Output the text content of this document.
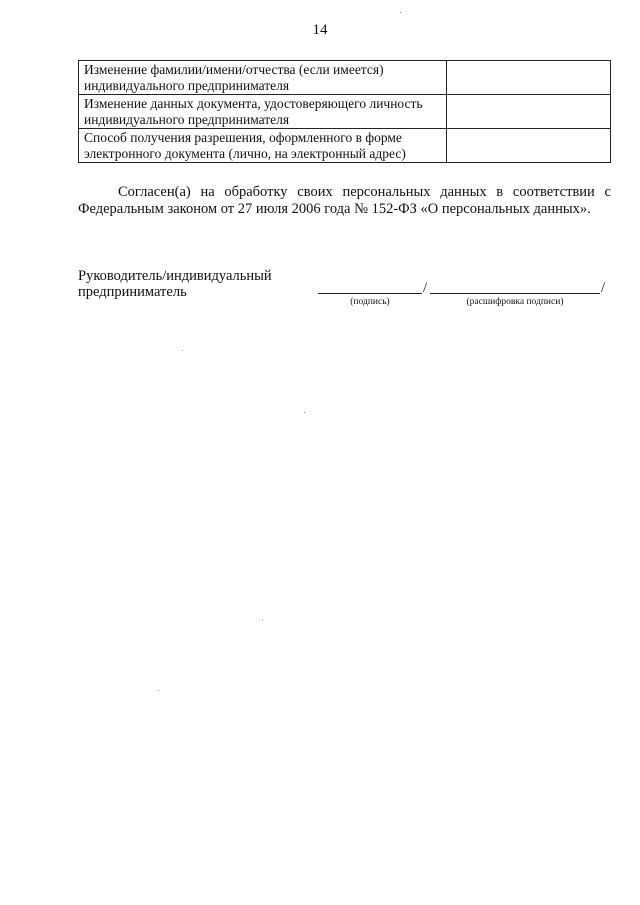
14
Изменение фамилии/имени/отчества (если имеется) индивидуального предпринимателя	
Изменение данных документа, удостоверяющего личность индивидуального предпринимателя	
Способ получения разрешения, оформленного в форме электронного документа (лично, на электронный адрес)	
Согласен(а) на обработку своих персональных данных в соответствии с Федеральным законом от 27 июля 2006 года № 152-ФЗ «О персональных данных».
Руководитель/индивидуальный предприниматель	/	/
(подпись)	(расшифровка подписи)
